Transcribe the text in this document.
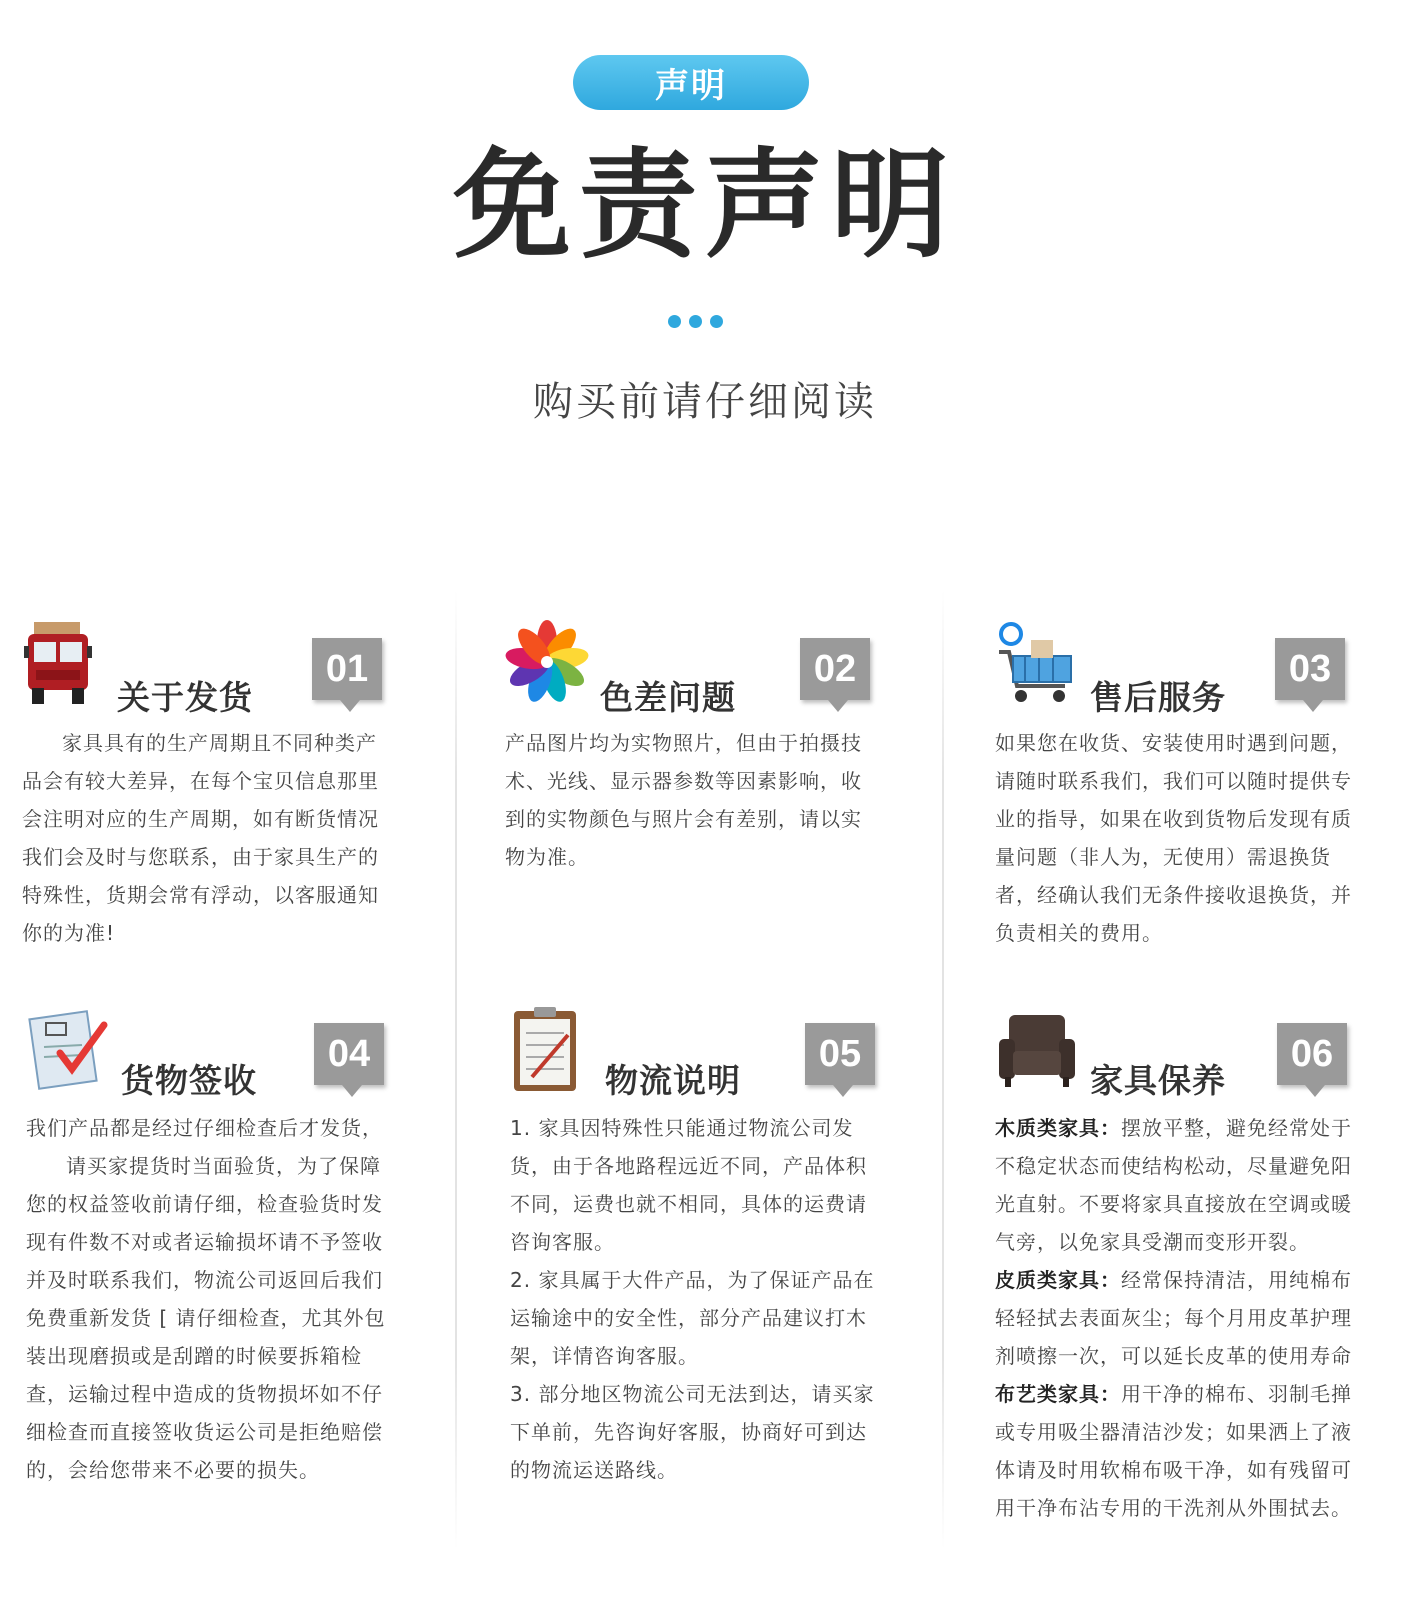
声明
免责声明
购买前请仔细阅读
关于发货
01

家具具有的生产周期且不同种类产品会有较大差异，在每个宝贝信息那里会注明对应的生产周期，如有断货情况我们会及时与您联系，由于家具生产的特殊性，货期会常有浮动，以客服通知你的为准!

色差问题
02

产品图片均为实物照片，但由于拍摄技术、光线、显示器参数等因素影响，收到的实物颜色与照片会有差别，请以实物为准。

售后服务
03

如果您在收货、安装使用时遇到问题，请随时联系我们，我们可以随时提供专业的指导，如果在收到货物后发现有质量问题（非人为，无使用）需退换货者，经确认我们无条件接收退换货，并负责相关的费用。

货物签收
04

我们产品都是经过仔细检查后才发货，

请买家提货时当面验货，为了保障您的权益签收前请仔细，检查验货时发现有件数不对或者运输损坏请不予签收并及时联系我们，物流公司返回后我们免费重新发货 [ 请仔细检查，尤其外包装出现磨损或是刮蹭的时候要拆箱检查，运输过程中造成的货物损坏如不仔细检查而直接签收货运公司是拒绝赔偿的，会给您带来不必要的损失。

物流说明
05

1. 家具因特殊性只能通过物流公司发货，由于各地路程远近不同，产品体积不同，运费也就不相同，具体的运费请咨询客服。

2. 家具属于大件产品，为了保证产品在运输途中的安全性，部分产品建议打木架，详情咨询客服。

3. 部分地区物流公司无法到达，请买家下单前，先咨询好客服，协商好可到达的物流运送路线。

家具保养
06

木质类家具：摆放平整，避免经常处于不稳定状态而使结构松动，尽量避免阳光直射。不要将家具直接放在空调或暖气旁，以免家具受潮而变形开裂。

皮质类家具：经常保持清洁，用纯棉布轻轻拭去表面灰尘；每个月用皮革护理剂喷擦一次，可以延长皮革的使用寿命

布艺类家具：用干净的棉布、羽制毛掸或专用吸尘器清洁沙发；如果洒上了液体请及时用软棉布吸干净，如有残留可用干净布沾专用的干洗剂从外围拭去。
